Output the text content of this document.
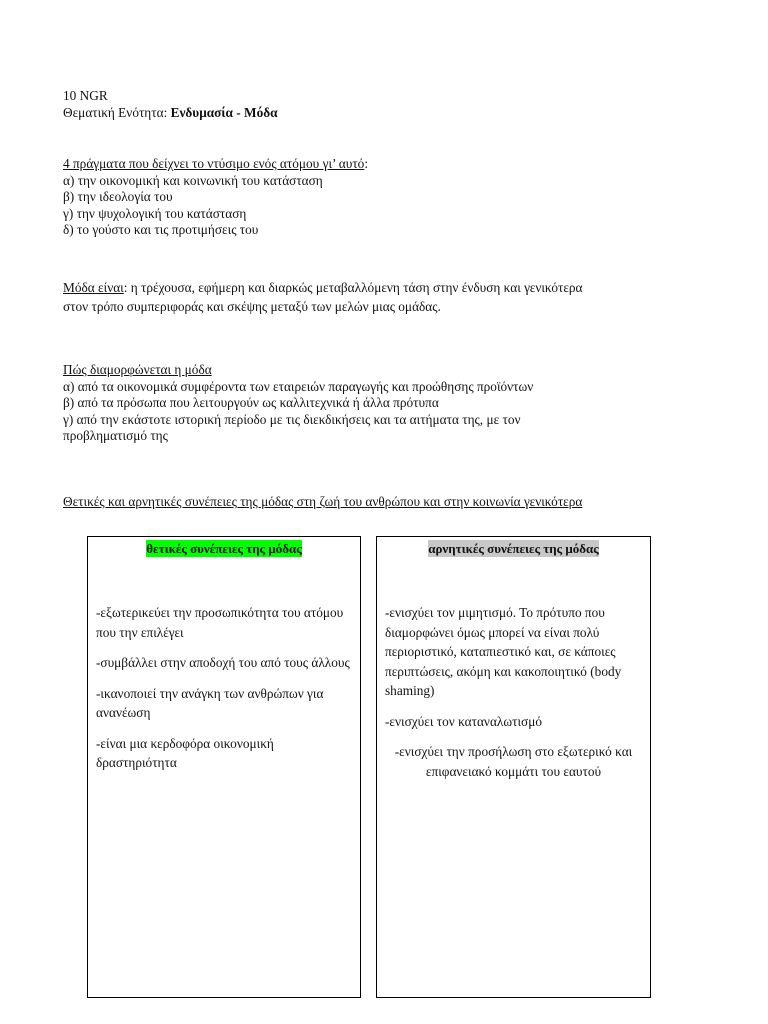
10 NGR
Θεματική Ενότητα: Ενδυμασία - Μόδα
4 πράγματα που δείχνει το ντύσιμο ενός ατόμου γι’ αυτό:
α) την οικονομική και κοινωνική του κατάσταση
β) την ιδεολογία του
γ) την ψυχολογική του κατάσταση
δ) το γούστο και τις προτιμήσεις του
Μόδα είναι: η τρέχουσα, εφήμερη και διαρκώς μεταβαλλόμενη τάση στην ένδυση και γενικότερα
στον τρόπο συμπεριφοράς και σκέψης μεταξύ των μελών μιας ομάδας.
Πώς διαμορφώνεται η μόδα
α) από τα οικονομικά συμφέροντα των εταιρειών παραγωγής και προώθησης προϊόντων
β) από τα πρόσωπα που λειτουργούν ως καλλιτεχνικά ή άλλα πρότυπα
γ) από την εκάστοτε ιστορική περίοδο με τις διεκδικήσεις και τα αιτήματα της, με τον
προβληματισμό της
Θετικές και αρνητικές συνέπειες της μόδας στη ζωή του ανθρώπου και στην κοινωνία γενικότερα
θετικές συνέπειες της μόδας
-εξωτερικεύει την προσωπικότητα του ατόμου που την επιλέγει
-συμβάλλει στην αποδοχή του από τους άλλους
-ικανοποιεί την ανάγκη των ανθρώπων για ανανέωση
-είναι μια κερδοφόρα οικονομική δραστηριότητα
αρνητικές συνέπειες της μόδας
-ενισχύει τον μιμητισμό. Το πρότυπο που διαμορφώνει όμως μπορεί να είναι πολύ περιοριστικό, καταπιεστικό και, σε κάποιες περιπτώσεις, ακόμη και κακοποιητικό (body shaming)
-ενισχύει τον καταναλωτισμό
-ενισχύει την προσήλωση στο εξωτερικό και επιφανειακό κομμάτι του εαυτού
